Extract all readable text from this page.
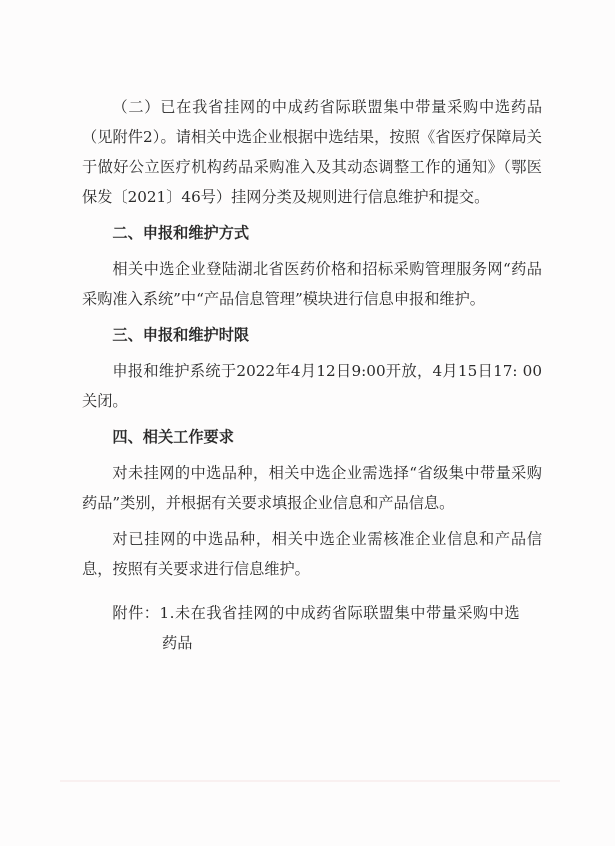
（二）已在我省挂网的中成药省际联盟集中带量采购中选药品（见附件2）。请相关中选企业根据中选结果，按照《省医疗保障局关于做好公立医疗机构药品采购准入及其动态调整工作的通知》（鄂医保发〔2021〕46号）挂网分类及规则进行信息维护和提交。

二、申报和维护方式

相关中选企业登陆湖北省医药价格和招标采购管理服务网“药品采购准入系统”中“产品信息管理”模块进行信息申报和维护。

三、申报和维护时限

申报和维护系统于2022年4月12日9:00开放，4月15日17: 00关闭。

四、相关工作要求

对未挂网的中选品种，相关中选企业需选择“省级集中带量采购药品”类别，并根据有关要求填报企业信息和产品信息。

对已挂网的中选品种，相关中选企业需核准企业信息和产品信息，按照有关要求进行信息维护。

附件：1.未在我省挂网的中成药省际联盟集中带量采购中选

药品
